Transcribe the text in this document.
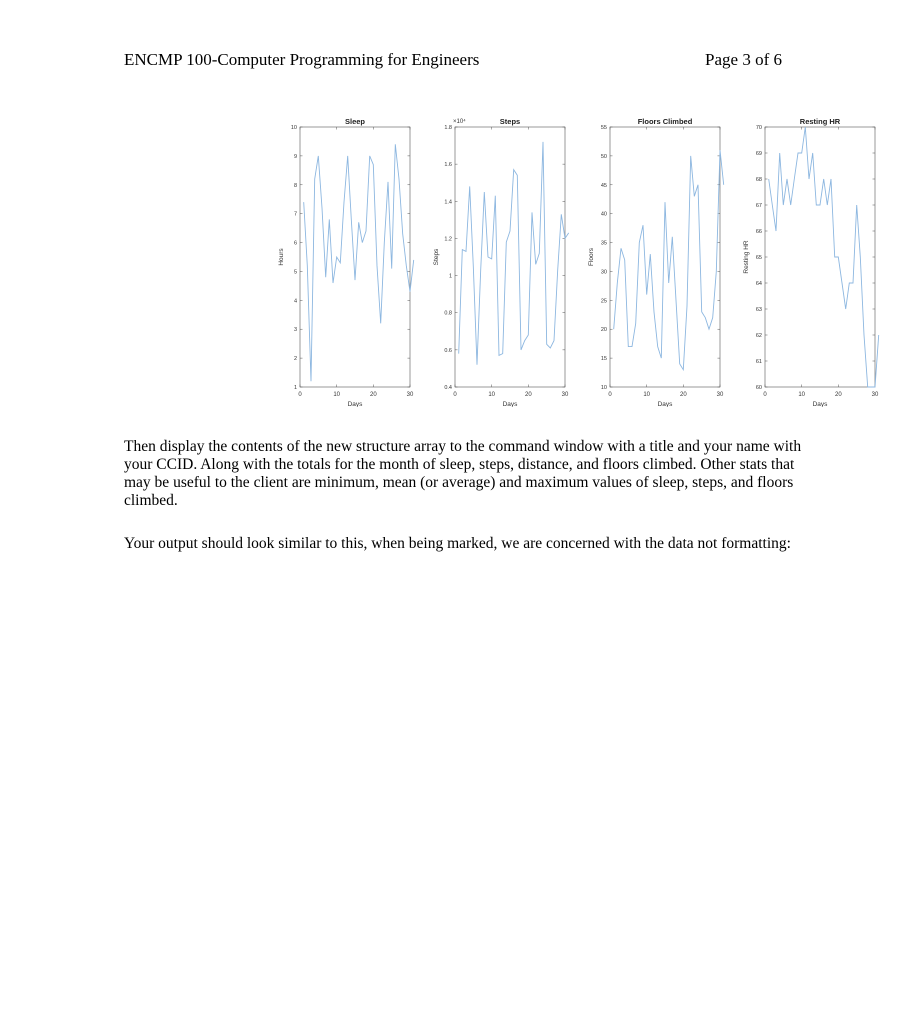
ENCMP 100-Computer Programming for Engineers	Page 3 of 6
Sleep
Days
Hours
0	10	20	30
1
2
3
4
5
6
7
8
9
10
Steps
Days
Steps
×10⁴
0	10	20	30
0.4
0.6
0.8
1
1.2
1.4
1.6
1.8
Floors Climbed
Days
Floors
0	10	20	30
10
15
20
25
30
35
40
45
50
55
Resting HR
Days
Resting HR
0	10	20	30
60
61
62
63
64
65
66
67
68
69
70

Then display the contents of the new structure array to the command window with a title and your name with your CCID. Along with the totals for the month of sleep, steps, distance, and floors climbed. Other stats that may be useful to the client are minimum, mean (or average) and maximum values of sleep, steps, and floors climbed.

Your output should look similar to this, when being marked, we are concerned with the data not formatting:
